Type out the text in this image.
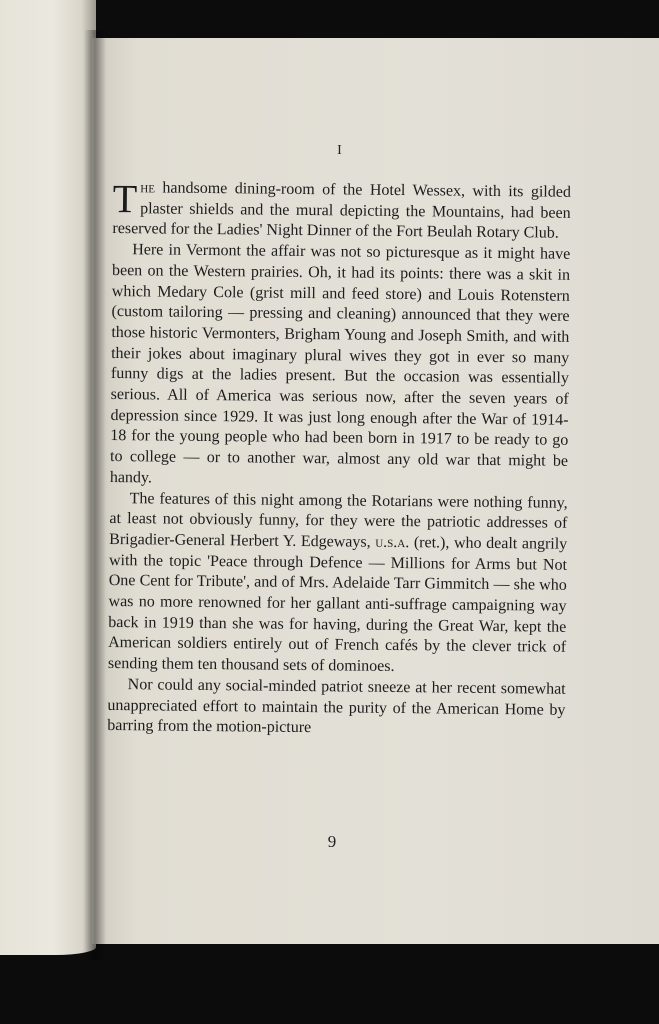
I

The handsome dining-room of the Hotel Wessex, with its gilded plaster shields and the mural depicting the Mountains, had been reserved for the Ladies' Night Dinner of the Fort Beulah Rotary Club.

Here in Vermont the affair was not so picturesque as it might have been on the Western prairies. Oh, it had its points: there was a skit in which Medary Cole (grist mill and feed store) and Louis Rotenstern (custom tailoring — pressing and cleaning) announced that they were those historic Vermonters, Brigham Young and Joseph Smith, and with their jokes about imaginary plural wives they got in ever so many funny digs at the ladies present. But the occasion was essentially serious. All of America was serious now, after the seven years of depression since 1929. It was just long enough after the War of 1914-18 for the young people who had been born in 1917 to be ready to go to college — or to another war, almost any old war that might be handy.

The features of this night among the Rotarians were nothing funny, at least not obviously funny, for they were the patriotic addresses of Brigadier-General Herbert Y. Edgeways, u.s.a. (ret.), who dealt angrily with the topic 'Peace through Defence — Millions for Arms but Not One Cent for Tribute', and of Mrs. Adelaide Tarr Gimmitch — she who was no more renowned for her gallant anti-suffrage campaigning way back in 1919 than she was for having, during the Great War, kept the American soldiers entirely out of French cafés by the clever trick of sending them ten thousand sets of dominoes.

Nor could any social-minded patriot sneeze at her recent somewhat unappreciated effort to maintain the purity of the American Home by barring from the motion-picture

9
